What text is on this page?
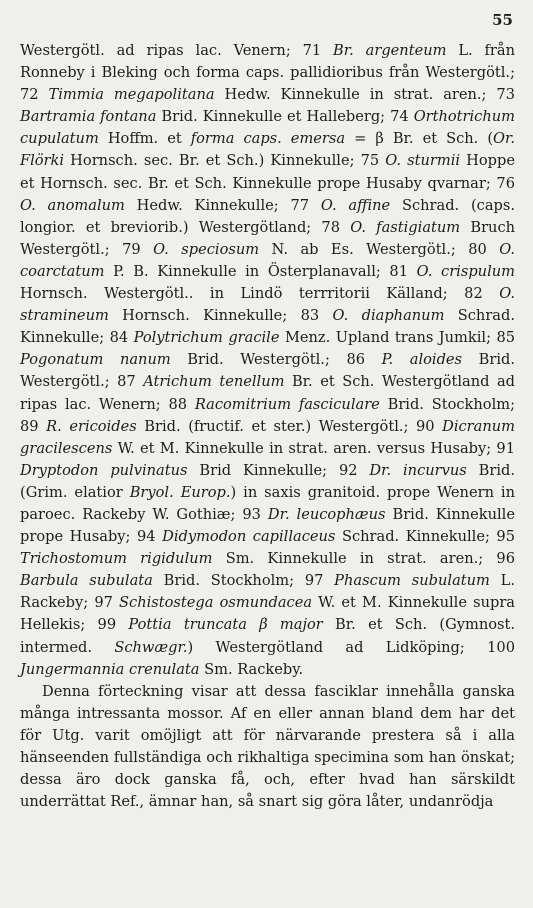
55

Westergötl. ad ripas lac. Venern; 71 Br. argenteum L. från Ronneby i Bleking och forma caps. pallidioribus från Westergötl.; 72 Timmia megapolitana Hedw. Kinnekulle in strat. aren.; 73 Bartramia fontana Brid. Kinnekulle et Halleberg; 74 Orthotrichum cupulatum Hoffm. et forma caps. emersa = β Br. et Sch. (Or. Flörki Hornsch. sec. Br. et Sch.) Kinnekulle; 75 O. sturmii Hoppe et Hornsch. sec. Br. et Sch. Kinnekulle prope Husaby qvarnar; 76 O. anomalum Hedw. Kinnekulle; 77 O. affine Schrad. (caps. longior. et breviorib.) Westergötland; 78 O. fastigiatum Bruch Westergötl.; 79 O. speciosum N. ab Es. Westergötl.; 80 O. coarctatum P. B. Kinnekulle in Österplanavall; 81 O. crispulum Hornsch. Westergötl.. in Lindö terrritorii Källand; 82 O. stramineum Hornsch. Kinnekulle; 83 O. diaphanum Schrad. Kinnekulle; 84 Polytrichum gracile Menz. Upland trans Jumkil; 85 Pogonatum nanum Brid. Westergötl.; 86 P. aloides Brid. Westergötl.; 87 Atrichum tenellum Br. et Sch. Westergötland ad ripas lac. Wenern; 88 Racomitrium fasciculare Brid. Stockholm; 89 R. ericoides Brid. (fructif. et ster.) Westergötl.; 90 Dicranum gracilescens W. et M. Kinnekulle in strat. aren. versus Husaby; 91 Dryptodon pulvinatus Brid Kinnekulle; 92 Dr. incurvus Brid. (Grim. elatior Bryol. Europ.) in saxis granitoid. prope Wenern in paroec. Rackeby W. Gothiæ; 93 Dr. leucophæus Brid. Kinnekulle prope Husaby; 94 Didymodon capillaceus Schrad. Kinnekulle; 95 Trichostomum rigidulum Sm. Kinnekulle in strat. aren.; 96 Barbula subulata Brid. Stockholm; 97 Phascum subulatum L. Rackeby; 97 Schistostega osmundacea W. et M. Kinnekulle supra Hellekis; 99 Pottia truncata β major Br. et Sch. (Gymnost. intermed. Schwægr.) Westergötland ad Lidköping; 100 Jungermannia crenulata Sm. Rackeby.

Denna förteckning visar att dessa fasciklar innehålla ganska många intressanta mossor. Af en eller annan bland dem har det för Utg. varit omöjligt att för närvarande prestera så i alla hänseenden fullständiga och rikhaltiga specimina som han önskat; dessa äro dock ganska få, och, efter hvad han särskildt underrättat Ref., ämnar han, så snart sig göra låter, undanrödja
